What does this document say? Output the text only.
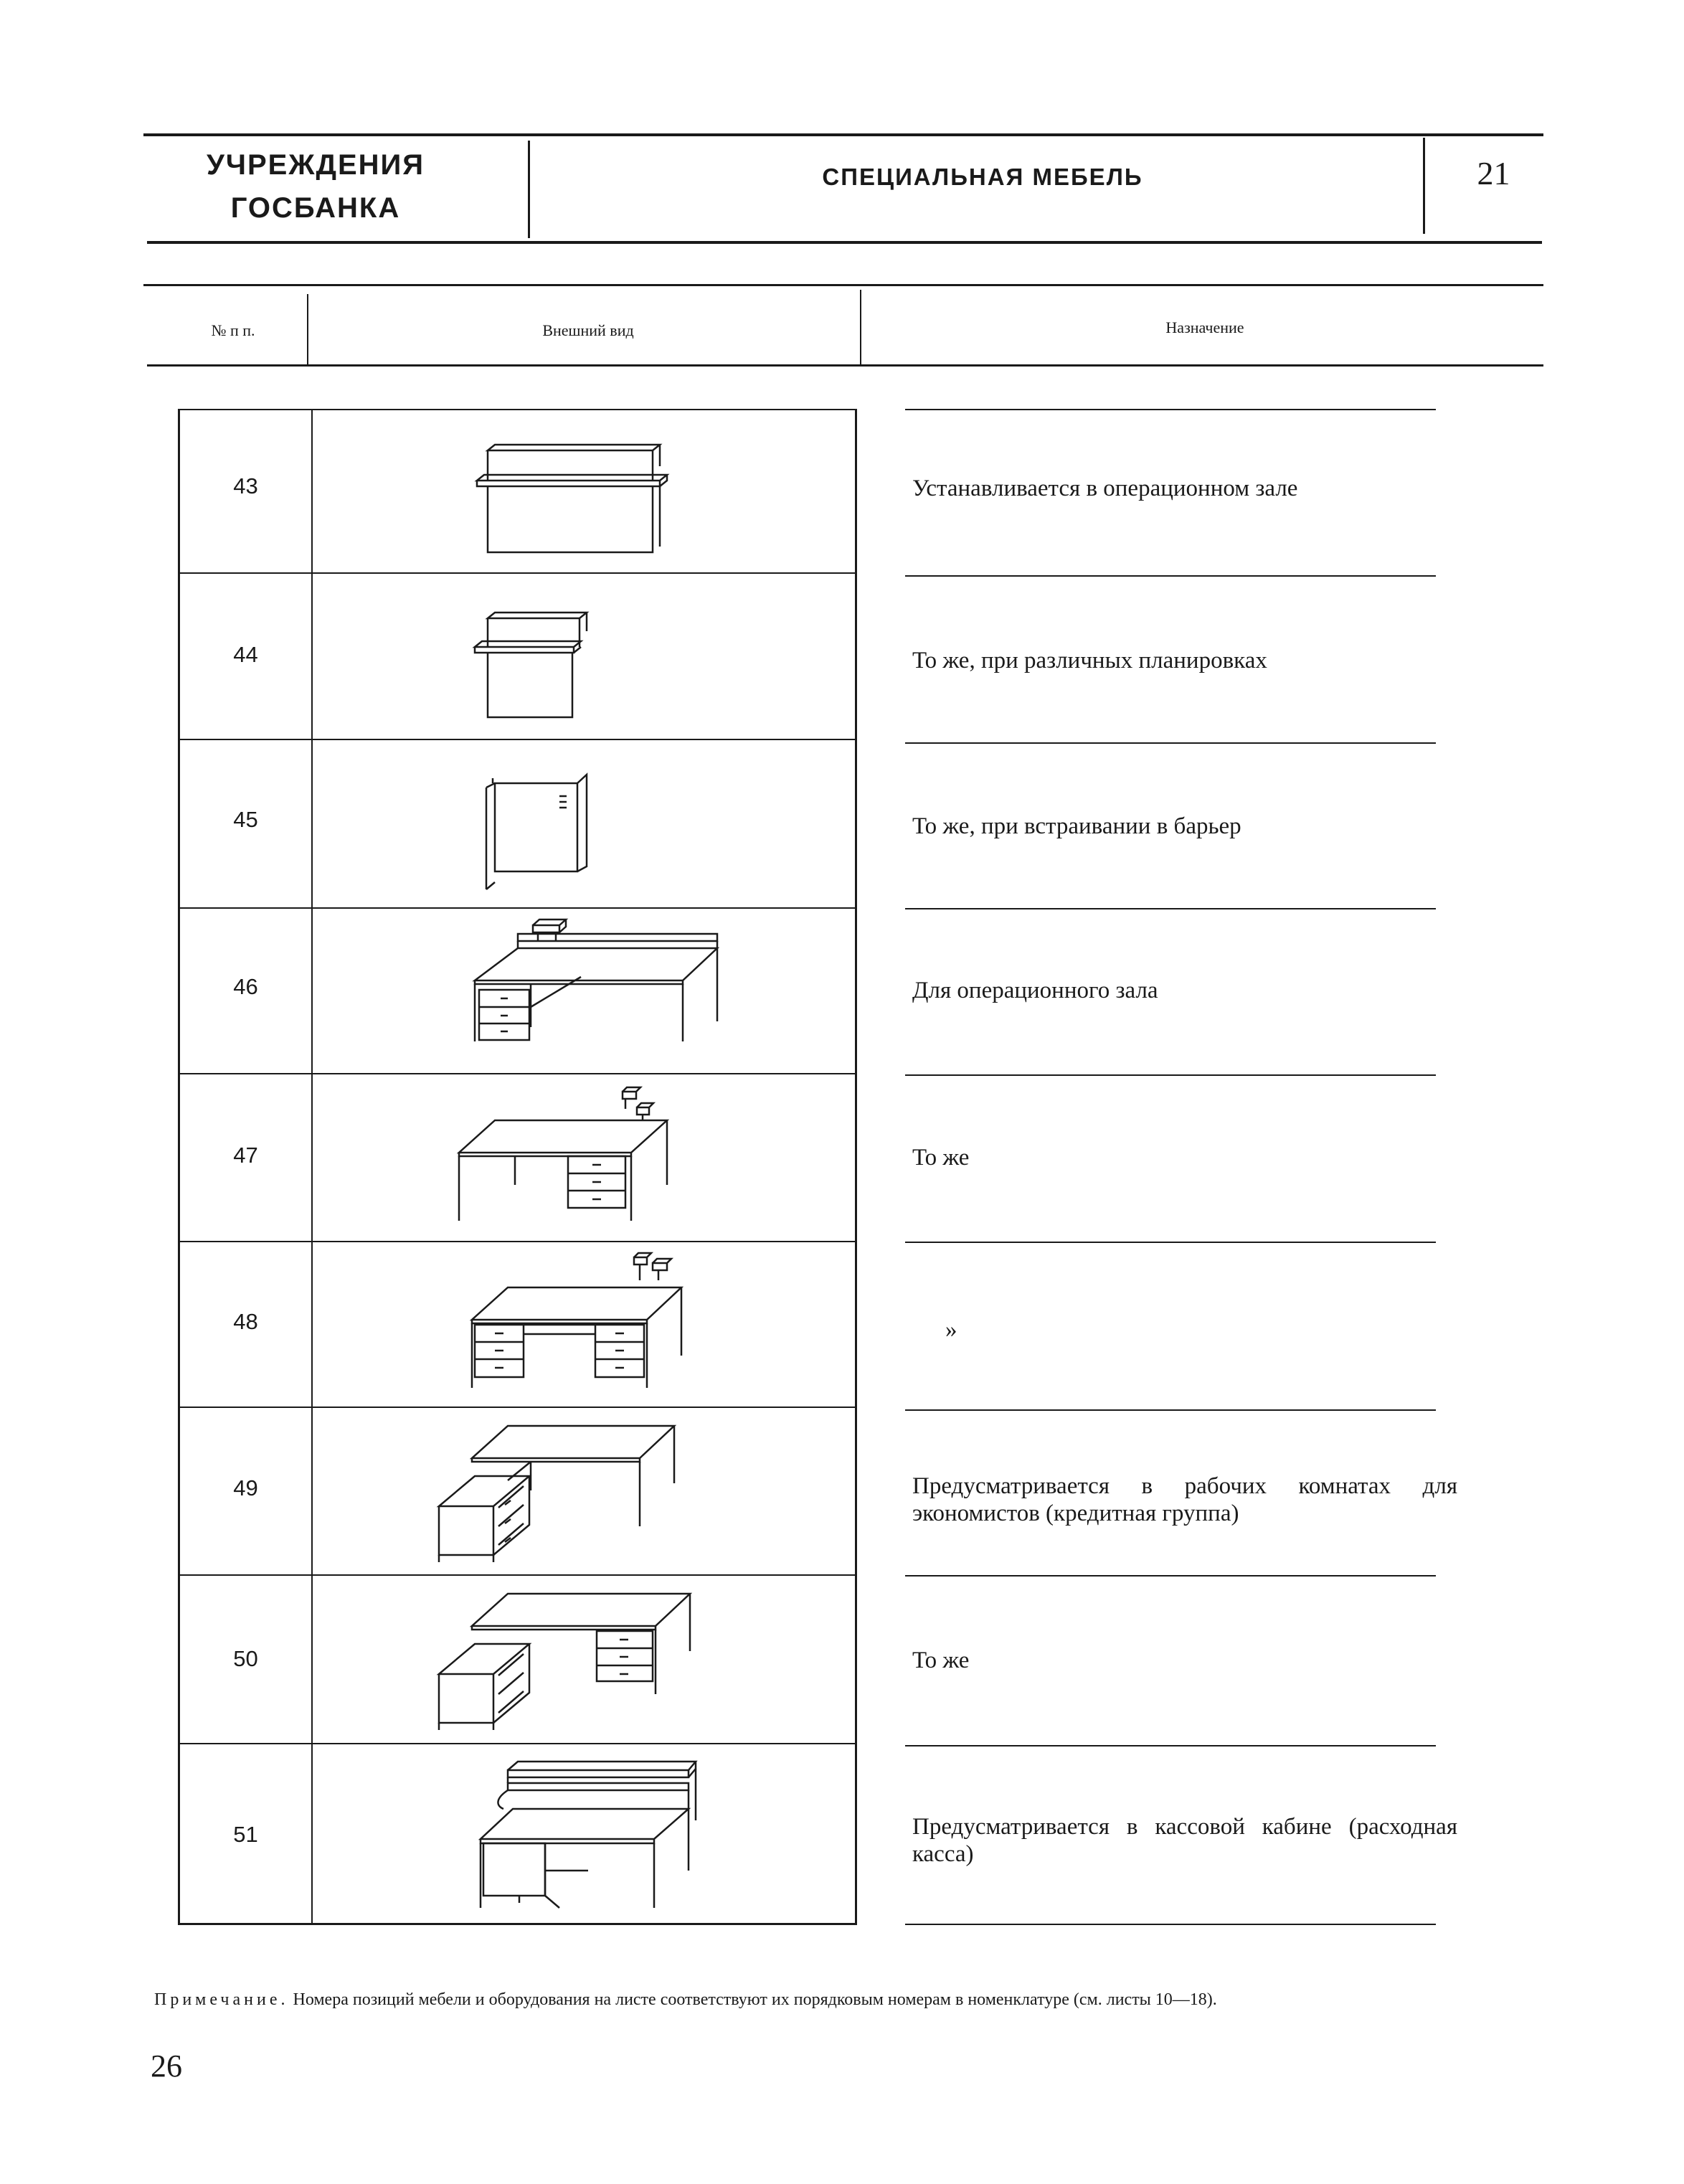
УЧРЕЖДЕНИЯ
ГОСБАНКА
СПЕЦИАЛЬНАЯ МЕБЕЛЬ	21
№ п п.	Внешний вид	Назначение
43	Устанавливается в операционном зале
44	То же, при различных планировках
45	То же, при встраивании в барьер
46	Для операционного зала
47	То же
48	»
49	Предусматривается в рабочих комнатах для экономистов (кредитная группа)
50	То же
51	Предусматривается в кассовой кабине (расходная касса)
Примечание. Номера позиций мебели и оборудования на листе соответствуют их порядковым номерам в номенклатуре (см. листы 10—18).
26
